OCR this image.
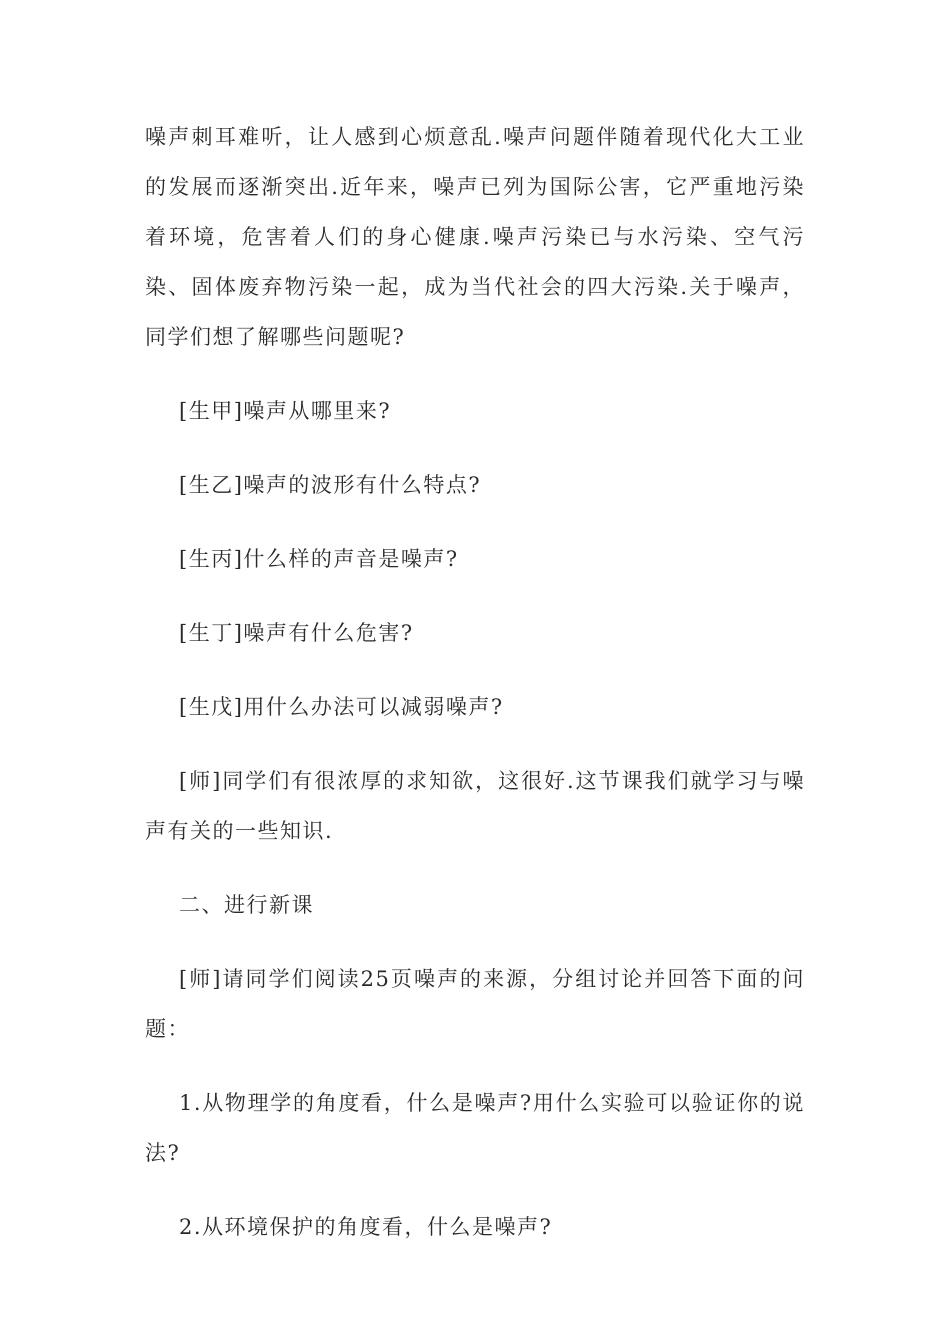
噪声刺耳难听，让人感到心烦意乱.噪声问题伴随着现代化大工业的发展而逐渐突出.近年来，噪声已列为国际公害，它严重地污染着环境，危害着人们的身心健康.噪声污染已与水污染、空气污染、固体废弃物污染一起，成为当代社会的四大污染.关于噪声，同学们想了解哪些问题呢?

[生甲]噪声从哪里来?

[生乙]噪声的波形有什么特点?

[生丙]什么样的声音是噪声?

[生丁]噪声有什么危害?

[生戊]用什么办法可以减弱噪声?

[师]同学们有很浓厚的求知欲，这很好.这节课我们就学习与噪声有关的一些知识.

二、进行新课

[师]请同学们阅读25页噪声的来源，分组讨论并回答下面的问题：

1.从物理学的角度看，什么是噪声?用什么实验可以验证你的说法?

2.从环境保护的角度看，什么是噪声?
